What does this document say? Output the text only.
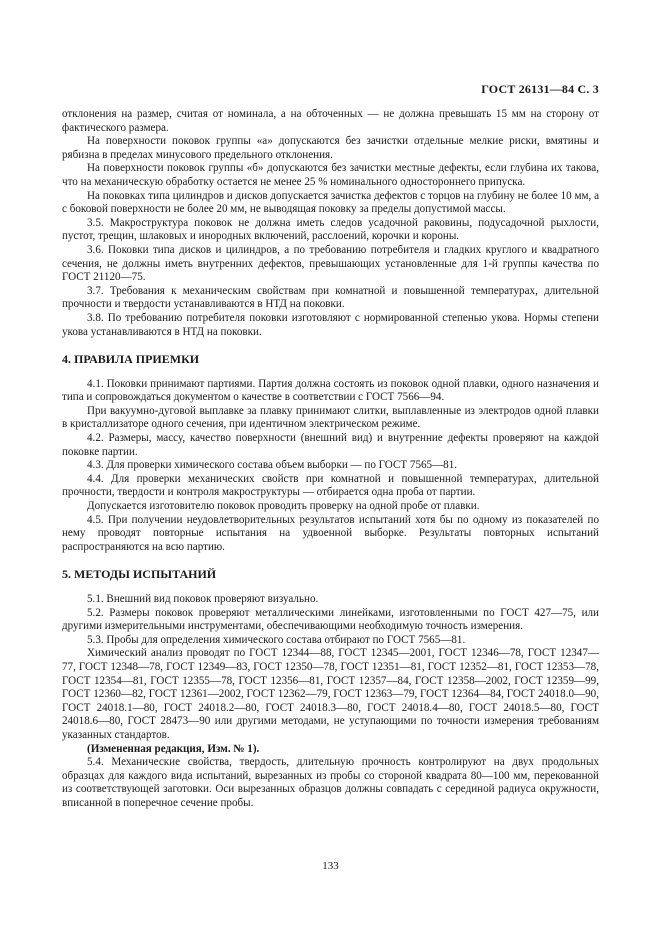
ГОСТ 26131—84 С. 3

отклонения на размер, считая от номинала, а на обточенных — не должна превышать 15 мм на сторону от фактического размера.

На поверхности поковок группы «а» допускаются без зачистки отдельные мелкие риски, вмятины и рябизна в пределах минусового предельного отклонения.

На поверхности поковок группы «б» допускаются без зачистки местные дефекты, если глубина их такова, что на механическую обработку остается не менее 25 % номинального одностороннего припуска.

На поковках типа цилиндров и дисков допускается зачистка дефектов с торцов на глубину не более 10 мм, а с боковой поверхности не более 20 мм, не выводящая поковку за пределы допустимой массы.

3.5. Макроструктура поковок не должна иметь следов усадочной раковины, подусадочной рыхлости, пустот, трещин, шлаковых и инородных включений, расслоений, корочки и короны.

3.6. Поковки типа дисков и цилиндров, а по требованию потребителя и гладких круглого и квадратного сечения, не должны иметь внутренних дефектов, превышающих установленные для 1-й группы качества по ГОСТ 21120—75.

3.7. Требования к механическим свойствам при комнатной и повышенной температурах, длительной прочности и твердости устанавливаются в НТД на поковки.

3.8. По требованию потребителя поковки изготовляют с нормированной степенью укова. Нормы степени укова устанавливаются в НТД на поковки.

4. ПРАВИЛА ПРИЕМКИ

4.1. Поковки принимают партиями. Партия должна состоять из поковок одной плавки, одного назначения и типа и сопровождаться документом о качестве в соответствии с ГОСТ 7566—94.

При вакуумно-дуговой выплавке за плавку принимают слитки, выплавленные из электродов одной плавки в кристаллизаторе одного сечения, при идентичном электрическом режиме.

4.2. Размеры, массу, качество поверхности (внешний вид) и внутренние дефекты проверяют на каждой поковке партии.

4.3. Для проверки химического состава объем выборки — по ГОСТ 7565—81.

4.4. Для проверки механических свойств при комнатной и повышенной температурах, длительной прочности, твердости и контроля макроструктуры — отбирается одна проба от партии.

Допускается изготовителю поковок проводить проверку на одной пробе от плавки.

4.5. При получении неудовлетворительных результатов испытаний хотя бы по одному из показателей по нему проводят повторные испытания на удвоенной выборке. Результаты повторных испытаний распространяются на всю партию.

5. МЕТОДЫ ИСПЫТАНИЙ

5.1. Внешний вид поковок проверяют визуально.

5.2. Размеры поковок проверяют металлическими линейками, изготовленными по ГОСТ 427—75, или другими измерительными инструментами, обеспечивающими необходимую точность измерения.

5.3. Пробы для определения химического состава отбирают по ГОСТ 7565—81.

Химический анализ проводят по ГОСТ 12344—88, ГОСТ 12345—2001, ГОСТ 12346—78, ГОСТ 12347—77, ГОСТ 12348—78, ГОСТ 12349—83, ГОСТ 12350—78, ГОСТ 12351—81, ГОСТ 12352—81, ГОСТ 12353—78, ГОСТ 12354—81, ГОСТ 12355—78, ГОСТ 12356—81, ГОСТ 12357—84, ГОСТ 12358—2002, ГОСТ 12359—99, ГОСТ 12360—82, ГОСТ 12361—2002, ГОСТ 12362—79, ГОСТ 12363—79, ГОСТ 12364—84, ГОСТ 24018.0—90, ГОСТ 24018.1—80, ГОСТ 24018.2—80, ГОСТ 24018.3—80, ГОСТ 24018.4—80, ГОСТ 24018.5—80, ГОСТ 24018.6—80, ГОСТ 28473—90 или другими методами, не уступающими по точности измерения требованиям указанных стандартов.

(Измененная редакция, Изм. № 1).

5.4. Механические свойства, твердость, длительную прочность контролируют на двух продольных образцах для каждого вида испытаний, вырезанных из пробы со стороной квадрата 80—100 мм, перекованной из соответствующей заготовки. Оси вырезанных образцов должны совпадать с серединой радиуса окружности, вписанной в поперечное сечение пробы.

133
